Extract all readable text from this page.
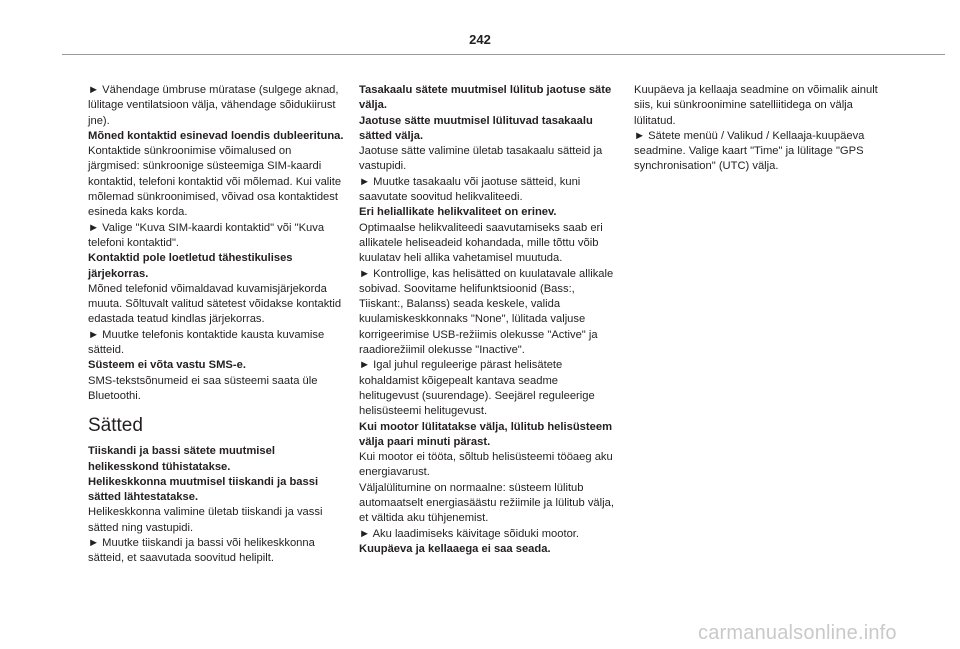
242

► Vähendage ümbruse müratase (sulgege aknad, lülitage ventilatsioon välja, vähendage sõidukiirust jne).

Mõned kontaktid esinevad loendis dubleerituna.

Kontaktide sünkroonimise võimalused on järgmised: sünkroonige süsteemiga SIM-kaardi kontaktid, telefoni kontaktid või mõlemad. Kui valite mõlemad sünkroonimised, võivad osa kontaktidest esineda kaks korda.

► Valige "Kuva SIM-kaardi kontaktid" või "Kuva telefoni kontaktid".

Kontaktid pole loetletud tähestikulises järjekorras.

Mõned telefonid võimaldavad kuvamisjärjekorda muuta. Sõltuvalt valitud sätetest võidakse kontaktid edastada teatud kindlas järjekorras.

► Muutke telefonis kontaktide kausta kuvamise sätteid.

Süsteem ei võta vastu SMS-e.

SMS-tekstsõnumeid ei saa süsteemi saata üle Bluetoothi.

Sätted

Tiiskandi ja bassi sätete muutmisel helikesskond tühistatakse.

Helikeskkonna muutmisel tiiskandi ja bassi sätted lähtestatakse.

Helikeskkonna valimine ületab tiiskandi ja vassi sätted ning vastupidi.

► Muutke tiiskandi ja bassi või helikeskkonna sätteid, et saavutada soovitud helipilt.

Tasakaalu sätete muutmisel lülitub jaotuse säte välja.

Jaotuse sätte muutmisel lülituvad tasakaalu sätted välja.

Jaotuse sätte valimine ületab tasakaalu sätteid ja vastupidi.

► Muutke tasakaalu või jaotuse sätteid, kuni saavutate soovitud helikvaliteedi.

Eri heliallikate helikvaliteet on erinev.

Optimaalse helikvaliteedi saavutamiseks saab eri allikatele heliseadeid kohandada, mille tõttu võib kuulatav heli allika vahetamisel muutuda.

► Kontrollige, kas helisätted on kuulatavale allikale sobivad. Soovitame helifunktsioonid (Bass:, Tiiskant:, Balanss) seada keskele, valida kuulamiskeskkonnaks "None", lülitada valjuse korrigeerimise USB-režiimis olekusse "Active" ja raadiorežiimil olekusse "Inactive".

► Igal juhul reguleerige pärast helisätete kohaldamist kõigepealt kantava seadme helitugevust (suurendage). Seejärel reguleerige helisüsteemi helitugevust.

Kui mootor lülitatakse välja, lülitub helisüsteem välja paari minuti pärast.

Kui mootor ei tööta, sõltub helisüsteemi tööaeg aku energiavarust.

Väljalülitumine on normaalne: süsteem lülitub automaatselt energiasäästu režiimile ja lülitub välja, et vältida aku tühjenemist.

► Aku laadimiseks käivitage sõiduki mootor.

Kuupäeva ja kellaaega ei saa seada.

Kuupäeva ja kellaaja seadmine on võimalik ainult siis, kui sünkroonimine satelliitidega on välja lülitatud.

► Sätete menüü / Valikud / Kellaaja-kuupäeva seadmine. Valige kaart "Time" ja lülitage "GPS synchronisation" (UTC) välja.

carmanualsonline.info
